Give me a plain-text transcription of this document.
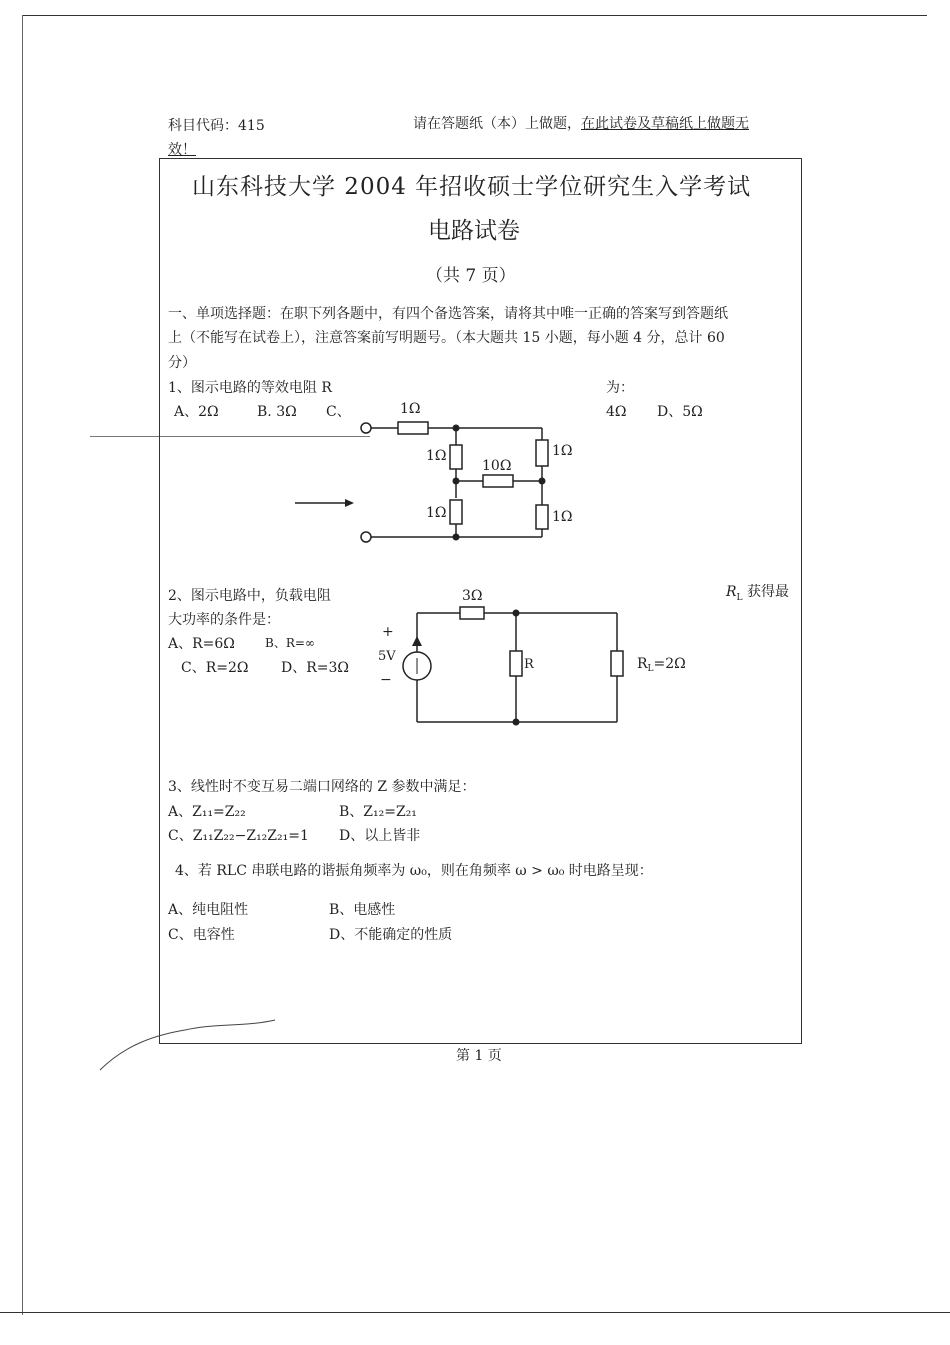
科目代码：415	请在答题纸（本）上做题，在此试卷及草稿纸上做题无
效！
山东科技大学 2004 年招收硕士学位研究生入学考试
电路试卷
（共 7 页）
一、单项选择题：在职下列各题中，有四个备选答案，请将其中唯一正确的答案写到答题纸
上（不能写在试卷上），注意答案前写明题号。（本大题共 15 小题，每小题 4 分，总计 60
分）
1、图示电路的等效电阻 R	为：
A、2Ω	B. 3Ω C、	4Ω D、5Ω
1Ω
1Ω
10Ω
1Ω
1Ω	1Ω
2、图示电路中，负载电阻	$R_L$ 获得最
大功率的条件是：
A、R=6Ω	B、R=∞
C、R=2Ω D、R=3Ω
3Ω
+
5V
−
R	$R_L=2\Omega$
3、线性时不变互易二端口网络的 Z 参数中满足：
A、Z₁₁=Z₂₂	B、Z₁₂=Z₂₁
C、Z₁₁Z₂₂−Z₁₂Z₂₁=1 D、以上皆非
4、若 RLC 串联电路的谐振角频率为 ω₀，则在角频率 ω > ω₀ 时电路呈现：
A、纯电阻性	B、电感性
C、电容性	D、不能确定的性质
第 1 页
